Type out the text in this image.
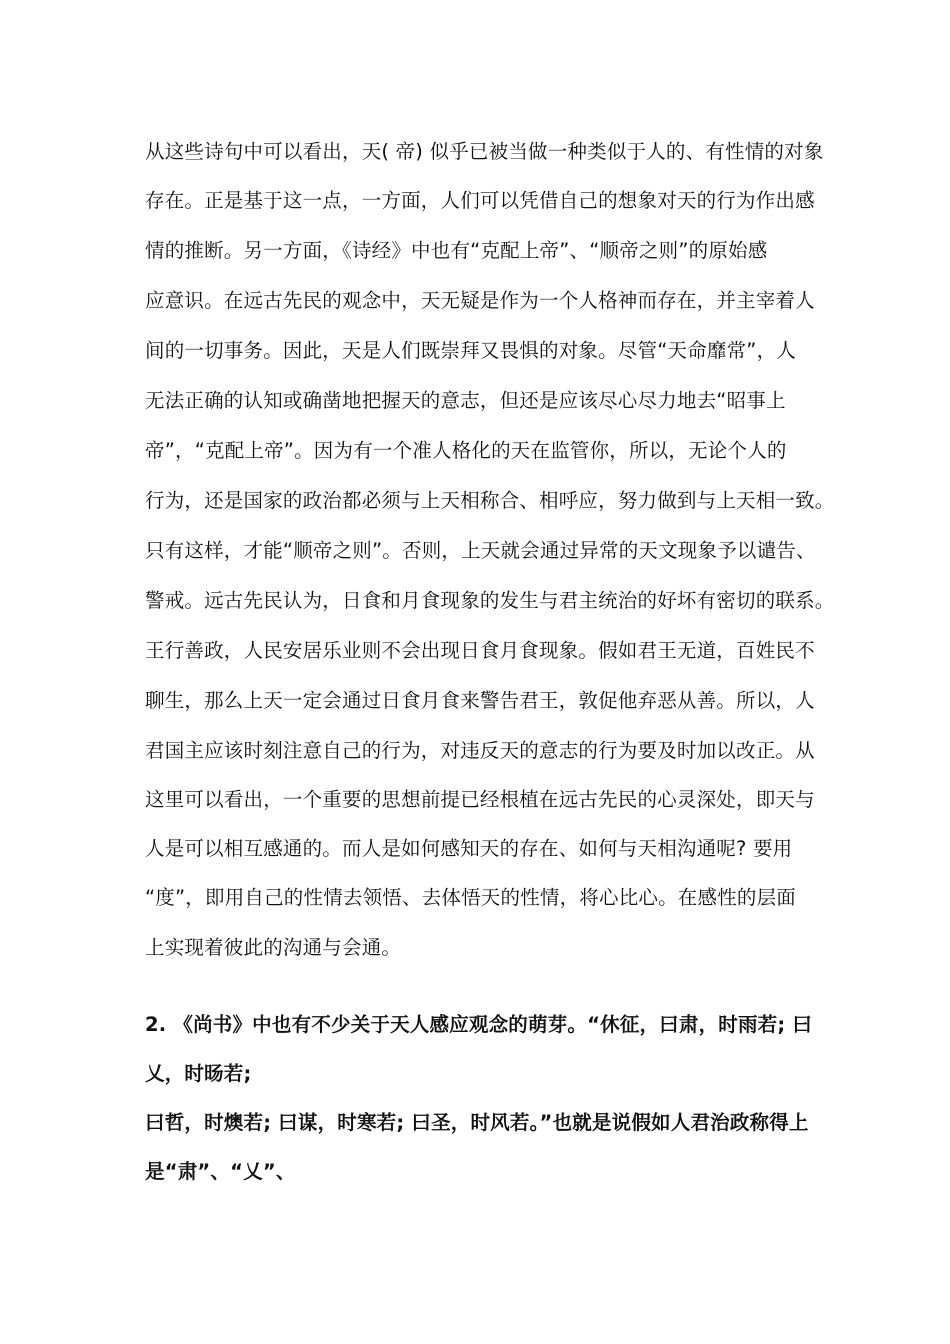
从这些诗句中可以看出，天( 帝) 似乎已被当做一种类似于人的、有性情的对象
存在。正是基于这一点，一方面，人们可以凭借自己的想象对天的行为作出感
情的推断。另一方面，《诗经》中也有“克配上帝”、“顺帝之则”的原始感
应意识。在远古先民的观念中，天无疑是作为一个人格神而存在，并主宰着人
间的一切事务。因此，天是人们既崇拜又畏惧的对象。尽管“天命靡常”，人
无法正确的认知或确凿地把握天的意志，但还是应该尽心尽力地去“昭事上
帝”，“克配上帝”。因为有一个准人格化的天在监管你，所以，无论个人的
行为，还是国家的政治都必须与上天相称合、相呼应，努力做到与上天相一致。
只有这样，才能“顺帝之则”。否则，上天就会通过异常的天文现象予以谴告、
警戒。远古先民认为，日食和月食现象的发生与君主统治的好坏有密切的联系。
王行善政，人民安居乐业则不会出现日食月食现象。假如君王无道，百姓民不
聊生，那么上天一定会通过日食月食来警告君王，敦促他弃恶从善。所以，人
君国主应该时刻注意自己的行为，对违反天的意志的行为要及时加以改正。从
这里可以看出，一个重要的思想前提已经根植在远古先民的心灵深处，即天与
人是可以相互感通的。而人是如何感知天的存在、如何与天相沟通呢? 要用
“度”，即用自己的性情去领悟、去体悟天的性情，将心比心。在感性的层面
上实现着彼此的沟通与会通。
2. 《尚书》中也有不少关于天人感应观念的萌芽。“休征，曰肃，时雨若; 曰
乂，时旸若;
曰哲，时燠若; 曰谋，时寒若; 曰圣，时风若。”也就是说假如人君治政称得上
是“肃”、“乂”、
